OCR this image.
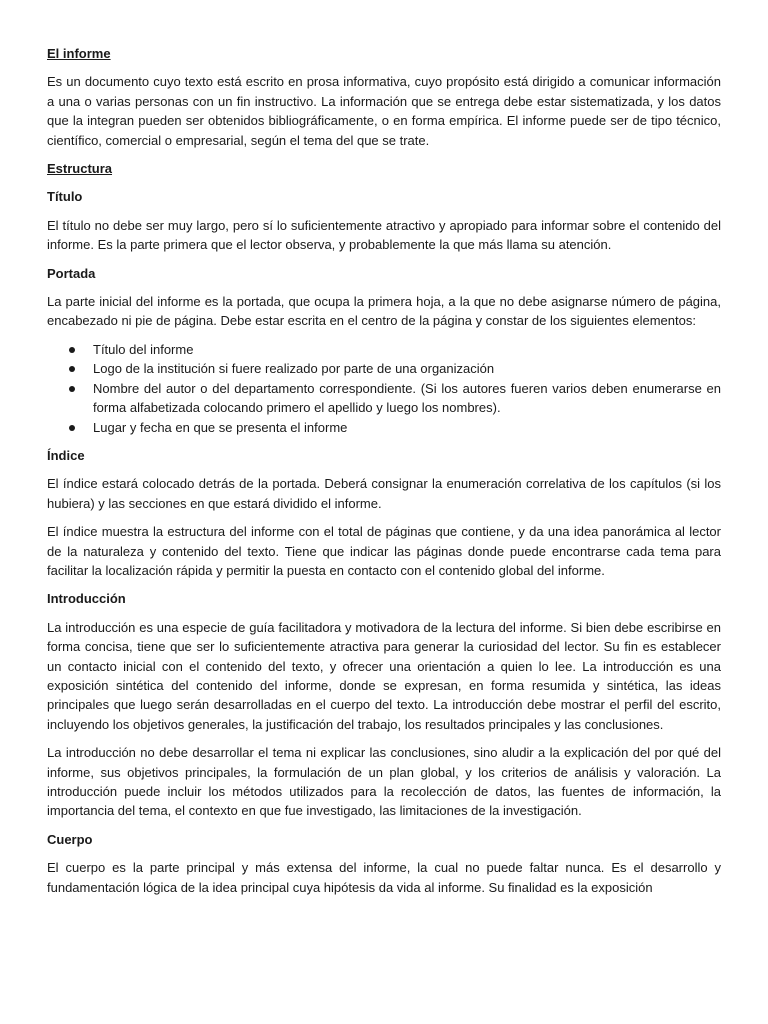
El informe
Es un documento cuyo texto está escrito en prosa informativa, cuyo propósito está dirigido a comunicar información a una o varias personas con un fin instructivo. La información que se entrega debe estar sistematizada, y los datos que la integran pueden ser obtenidos bibliográficamente, o en forma empírica. El informe puede ser de tipo técnico, científico, comercial o empresarial, según el tema del que se trate.
Estructura
Título
El título no debe ser muy largo, pero sí lo suficientemente atractivo y apropiado para informar sobre el contenido del informe. Es la parte primera que el lector observa, y probablemente la que más llama su atención.
Portada
La parte inicial del informe es la portada, que ocupa la primera hoja, a la que no debe asignarse número de página, encabezado ni pie de página. Debe estar escrita en el centro de la página y constar de los siguientes elementos:
Título del informe
Logo de la institución si fuere realizado por parte de una organización
Nombre del autor o del departamento correspondiente. (Si los autores fueren varios deben enumerarse en forma alfabetizada colocando primero el apellido y luego los nombres).
Lugar y fecha en que se presenta el informe
Índice
El índice estará colocado detrás de la portada. Deberá consignar la enumeración correlativa de los capítulos (si los hubiera) y las secciones en que estará dividido el informe.
El índice muestra la estructura del informe con el total de páginas que contiene, y da una idea panorámica al lector de la naturaleza y contenido del texto. Tiene que indicar las páginas donde puede encontrarse cada tema para facilitar la localización rápida y permitir la puesta en contacto con el contenido global del informe.
Introducción
La introducción es una especie de guía facilitadora y motivadora de la lectura del informe. Si bien debe escribirse en forma concisa, tiene que ser lo suficientemente atractiva para generar la curiosidad del lector. Su fin es establecer un contacto inicial con el contenido del texto, y ofrecer una orientación a quien lo lee. La introducción es una exposición sintética del contenido del informe, donde se expresan, en forma resumida y sintética, las ideas principales que luego serán desarrolladas en el cuerpo del texto. La introducción debe mostrar el perfil del escrito, incluyendo los objetivos generales, la justificación del trabajo, los resultados principales y las conclusiones.
La introducción no debe desarrollar el tema ni explicar las conclusiones, sino aludir a la explicación del por qué del informe, sus objetivos principales, la formulación de un plan global, y los criterios de análisis y valoración. La introducción puede incluir los métodos utilizados para la recolección de datos, las fuentes de información, la importancia del tema, el contexto en que fue investigado, las limitaciones de la investigación.
Cuerpo
El cuerpo es la parte principal y más extensa del informe, la cual no puede faltar nunca. Es el desarrollo y fundamentación lógica de la idea principal cuya hipótesis da vida al informe. Su finalidad es la exposición
